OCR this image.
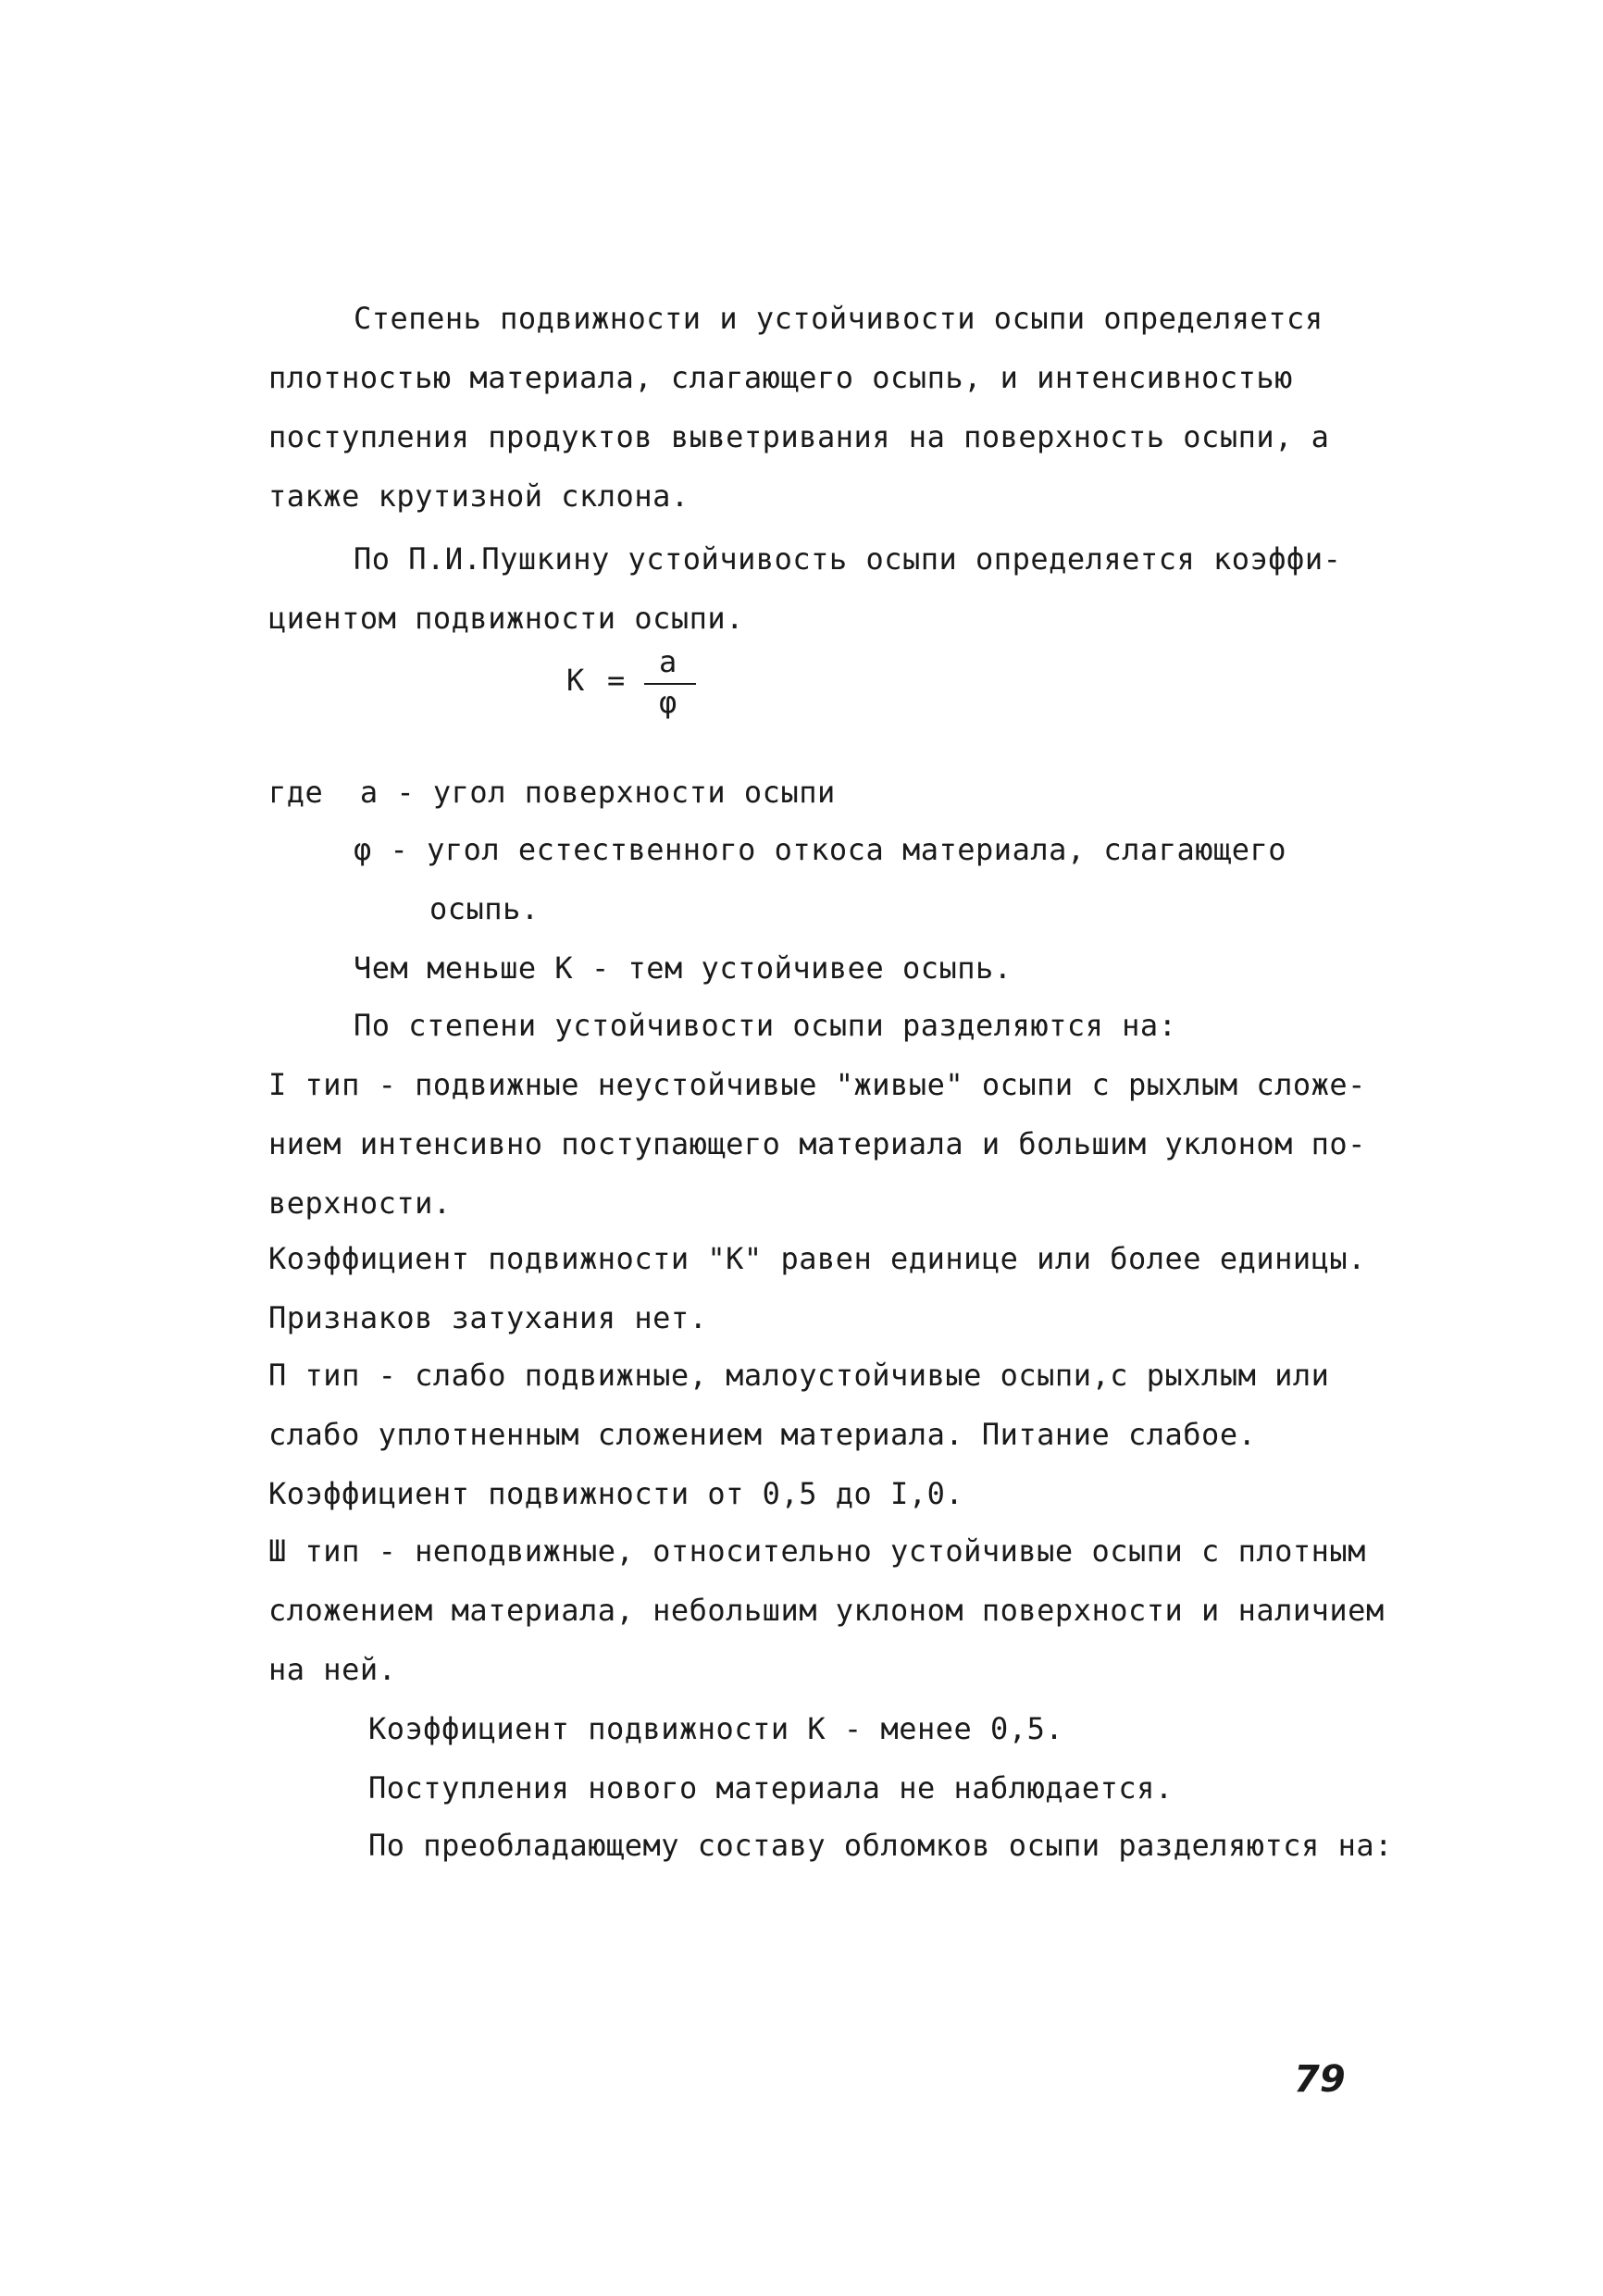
Степень подвижности и устойчивости осыпи определяется
плотностью материала, слагающего осыпь, и интенсивностью
поступления продуктов выветривания на поверхность осыпи, а
также крутизной склона.
По П.И.Пушкину устойчивость осыпи определяется коэффи-
циентом подвижности осыпи.
К =
a
φ
где  а - угол поверхности осыпи
φ - угол естественного откоса материала, слагающего
осыпь.
Чем меньше К - тем устойчивее осыпь.
По степени устойчивости осыпи разделяются на:
I тип - подвижные неустойчивые "живые" осыпи с рыхлым сложе-
нием интенсивно поступающего материала и большим уклоном по-
верхности.
Коэффициент подвижности "К" равен единице или более единицы.
Признаков затухания нет.
П тип - слабо подвижные, малоустойчивые осыпи,с рыхлым или
слабо уплотненным сложением материала. Питание слабое.
Коэффициент подвижности от 0,5 до I,0.
Ш тип - неподвижные, относительно устойчивые осыпи с плотным
сложением материала, небольшим уклоном поверхности и наличием
на ней.
Коэффициент подвижности К - менее 0,5.
Поступления нового материала не наблюдается.
По преобладающему составу обломков осыпи разделяются на:
79
